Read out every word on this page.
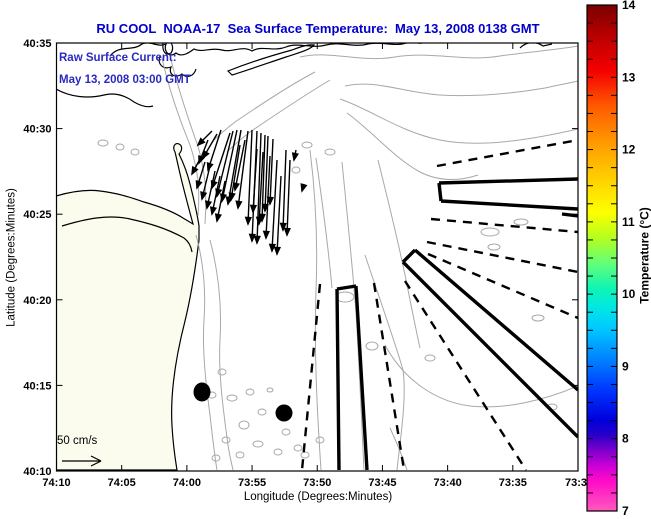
74:10	74:05	74:00	73:55	73:50	73:45	73:40	73:35	73:3
40:35
40:30
40:25
40:20
40:15
40:10
14
13
12
11
10
9
8
7
RU COOL  NOAA-17  Sea Surface Temperature:  May 13, 2008 0138 GMT
Raw Surface Current:
May 13, 2008 03:00 GMT
Longitude (Degrees:Minutes)
Latitude (Degrees:Minutes)	Temperature (°C)
50 cm/s
